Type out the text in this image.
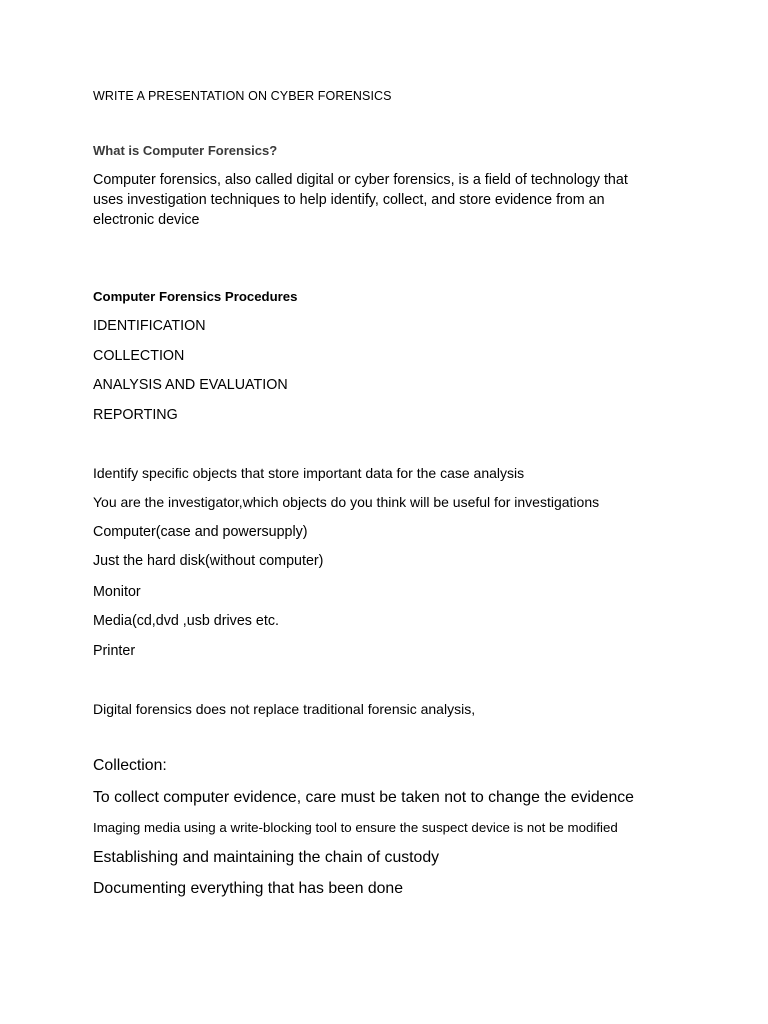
WRITE A PRESENTATION ON CYBER FORENSICS
What is Computer Forensics?
Computer forensics, also called digital or cyber forensics, is a field of technology that
uses investigation techniques to help identify, collect, and store evidence from an
electronic device
Computer Forensics Procedures
IDENTIFICATION
COLLECTION
ANALYSIS AND EVALUATION
REPORTING
Identify specific objects that store important data for the case analysis
You are the investigator,which objects do you think will be useful for investigations
Computer(case and powersupply)
Just the hard disk(without computer)
Monitor
Media(cd,dvd ,usb drives etc.
Printer
Digital forensics does not replace traditional forensic analysis,
Collection:
To collect computer evidence, care must be taken not to change the evidence
Imaging media using a write-blocking tool to ensure the suspect device is not be modified
Establishing and maintaining the chain of custody
Documenting everything that has been done
